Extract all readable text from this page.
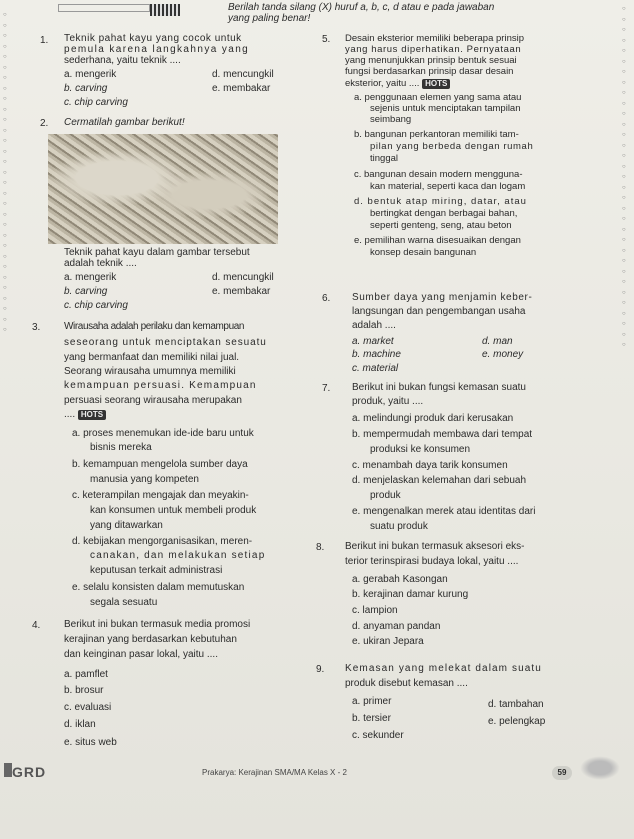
○
○
○
○
○
○
○
○
○
○
○
○
○
○
○
○
○
○
○
○
○
○
○
○
○
○
○
○
○
○
○
○
○
○
○
○
○
○
○
○
○
○
○
○
○
○
○
○
○
○
○
○
○
○
○
○
○
○
○
○
○
○
○
○
Berilah tanda silang (X) huruf a, b, c, d atau e pada jawaban
yang paling benar!
1. Teknik pahat kayu yang cocok untuk
pemula karena langkahnya yang
sederhana, yaitu teknik ....
a. mengerik	d. mencungkil
b. carving	e. membakar
c. chip carving
2. Cermatilah gambar berikut!
Teknik pahat kayu dalam gambar tersebut
adalah teknik ....
a. mengerik	d. mencungkil
b. carving	e. membakar
c. chip carving
3. Wirausaha adalah perilaku dan kemampuan
seseorang untuk menciptakan sesuatu
yang bermanfaat dan memiliki nilai jual.
Seorang wirausaha umumnya memiliki
kemampuan persuasi. Kemampuan
persuasi seorang wirausaha merupakan
.... HOTS
a. proses menemukan ide-ide baru untuk
bisnis mereka
b. kemampuan mengelola sumber daya
manusia yang kompeten
c. keterampilan mengajak dan meyakin-
kan konsumen untuk membeli produk
yang ditawarkan
d. kebijakan mengorganisasikan, meren-
canakan, dan melakukan setiap
keputusan terkait administrasi
e. selalu konsisten dalam memutuskan
segala sesuatu
4. Berikut ini bukan termasuk media promosi
kerajinan yang berdasarkan kebutuhan
dan keinginan pasar lokal, yaitu ....
a. pamflet
b. brosur
c. evaluasi
d. iklan
e. situs web
5. Desain eksterior memiliki beberapa prinsip
yang harus diperhatikan. Pernyataan
yang menunjukkan prinsip bentuk sesuai
fungsi berdasarkan prinsip dasar desain
eksterior, yaitu .... HOTS
a. penggunaan elemen yang sama atau
sejenis untuk menciptakan tampilan
seimbang
b. bangunan perkantoran memiliki tam-
pilan yang berbeda dengan rumah
tinggal
c. bangunan desain modern mengguna-
kan material, seperti kaca dan logam
d. bentuk atap miring, datar, atau
bertingkat dengan berbagai bahan,
seperti genteng, seng, atau beton
e. pemilihan warna disesuaikan dengan
konsep desain bangunan
6. Sumber daya yang menjamin keber-
langsungan dan pengembangan usaha
adalah ....
a. market	d. man
b. machine	e. money
c. material
7. Berikut ini bukan fungsi kemasan suatu
produk, yaitu ....
a. melindungi produk dari kerusakan
b. mempermudah membawa dari tempat
produksi ke konsumen
c. menambah daya tarik konsumen
d. menjelaskan kelemahan dari sebuah
produk
e. mengenalkan merek atau identitas dari
suatu produk
8. Berikut ini bukan termasuk aksesori eks-
terior terinspirasi budaya lokal, yaitu ....
a. gerabah Kasongan
b. kerajinan damar kurung
c. lampion
d. anyaman pandan
e. ukiran Jepara
9. Kemasan yang melekat dalam suatu
produk disebut kemasan ....
a. primer	d. tambahan
b. tersier	e. pelengkap
c. sekunder
GRD	Prakarya: Kerajinan SMA/MA Kelas X - 2	59
